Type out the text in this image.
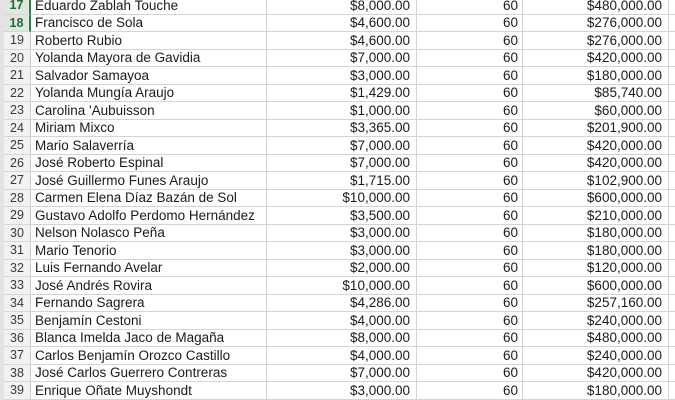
17 Eduardo Zablah Touche	$8,000.00	60	$480,000.00
18 Francisco de Sola	$4,600.00	60	$276,000.00
19 Roberto Rubio	$4,600.00	60	$276,000.00
20 Yolanda Mayora de Gavidia	$7,000.00	60	$420,000.00
21 Salvador Samayoa	$3,000.00	60	$180,000.00
22 Yolanda Mungía Araujo	$1,429.00	60	$85,740.00
23 Carolina 'Aubuisson	$1,000.00	60	$60,000.00
24 Miriam Mixco	$3,365.00	60	$201,900.00
25 Mario Salaverría	$7,000.00	60	$420,000.00
26 José Roberto Espinal	$7,000.00	60	$420,000.00
27 José Guillermo Funes Araujo	$1,715.00	60	$102,900.00
28 Carmen Elena Díaz Bazán de Sol	$10,000.00	60	$600,000.00
29 Gustavo Adolfo Perdomo Hernández	$3,500.00	60	$210,000.00
30 Nelson Nolasco Peña	$3,000.00	60	$180,000.00
31 Mario Tenorio	$3,000.00	60	$180,000.00
32 Luis Fernando Avelar	$2,000.00	60	$120,000.00
33 José Andrés Rovira	$10,000.00	60	$600,000.00
34 Fernando Sagrera	$4,286.00	60	$257,160.00
35 Benjamín Cestoni	$4,000.00	60	$240,000.00
36 Blanca Imelda Jaco de Magaña	$8,000.00	60	$480,000.00
37 Carlos Benjamín Orozco Castillo	$4,000.00	60	$240,000.00
38 José Carlos Guerrero Contreras	$7,000.00	60	$420,000.00
39 Enrique Oñate Muyshondt	$3,000.00	60	$180,000.00
